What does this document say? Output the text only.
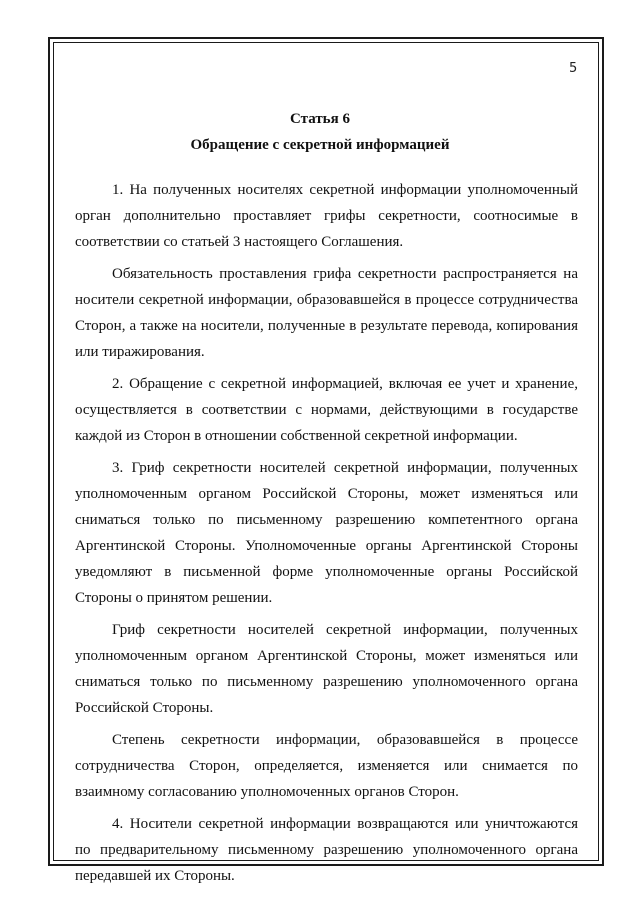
5
Статья 6
Обращение с секретной информацией

1. На полученных носителях секретной информации уполномоченный орган дополнительно проставляет грифы секретности, соотносимые в соответствии со статьей 3 настоящего Соглашения.

Обязательность проставления грифа секретности распространяется на носители секретной информации, образовавшейся в процессе сотрудничества Сторон, а также на носители, полученные в результате перевода, копирования или тиражирования.

2. Обращение с секретной информацией, включая ее учет и хранение, осуществляется в соответствии с нормами, действующими в государстве каждой из Сторон в отношении собственной секретной информации.

3. Гриф секретности носителей секретной информации, полученных уполномоченным органом Российской Стороны, может изменяться или сниматься только по письменному разрешению компетентного органа Аргентинской Стороны. Уполномоченные органы Аргентинской Стороны уведомляют в письменной форме уполномоченные органы Российской Стороны о принятом решении.

Гриф секретности носителей секретной информации, полученных уполномоченным органом Аргентинской Стороны, может изменяться или сниматься только по письменному разрешению уполномоченного органа Российской Стороны.

Степень секретности информации, образовавшейся в процессе сотрудничества Сторон, определяется, изменяется или снимается по взаимному согласованию уполномоченных органов Сторон.

4. Носители секретной информации возвращаются или уничтожаются по предварительному письменному разрешению уполномоченного органа передавшей их Стороны.
